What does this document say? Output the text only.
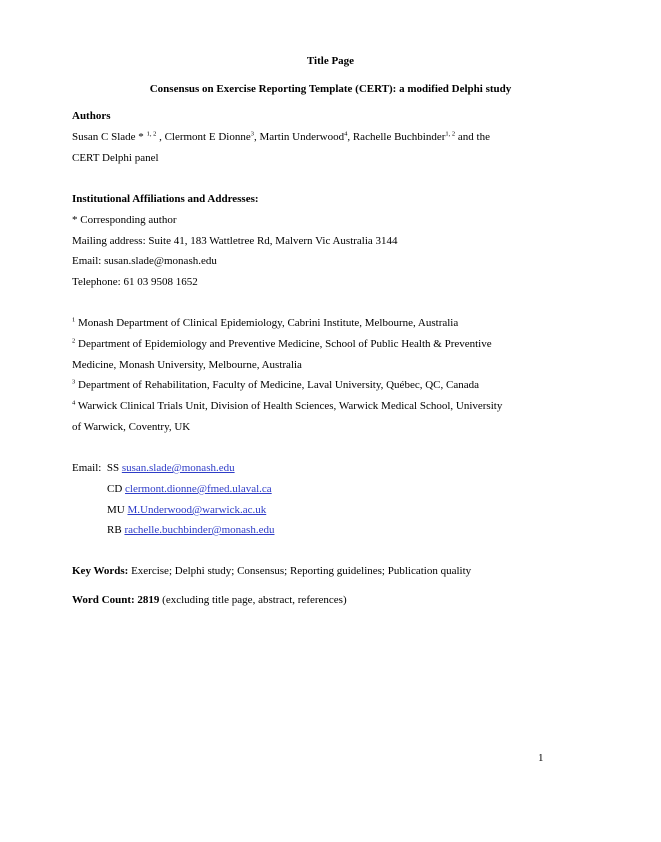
Title Page
Consensus on Exercise Reporting Template (CERT): a modified Delphi study
Authors
Susan C Slade * $^{1, 2}$ , Clermont E Dionne$^3$, Martin Underwood$^4$, Rachelle Buchbinder$^{1, 2}$ and the
CERT Delphi panel
Institutional Affiliations and Addresses:
* Corresponding author
Mailing address: Suite 41, 183 Wattletree Rd, Malvern Vic Australia 3144
Email: susan.slade@monash.edu
Telephone: 61 03 9508 1652
$^1$ Monash Department of Clinical Epidemiology, Cabrini Institute, Melbourne, Australia
$^2$ Department of Epidemiology and Preventive Medicine, School of Public Health & Preventive
Medicine, Monash University, Melbourne, Australia
$^3$ Department of Rehabilitation, Faculty of Medicine, Laval University, Québec, QC, Canada
$^4$ Warwick Clinical Trials Unit, Division of Health Sciences, Warwick Medical School, University
of Warwick, Coventry, UK
Email: SS susan.slade@monash.edu
CD clermont.dionne@fmed.ulaval.ca
MU M.Underwood@warwick.ac.uk
RB rachelle.buchbinder@monash.edu
Key Words: Exercise; Delphi study; Consensus; Reporting guidelines; Publication quality
Word Count: 2819 (excluding title page, abstract, references)
1
